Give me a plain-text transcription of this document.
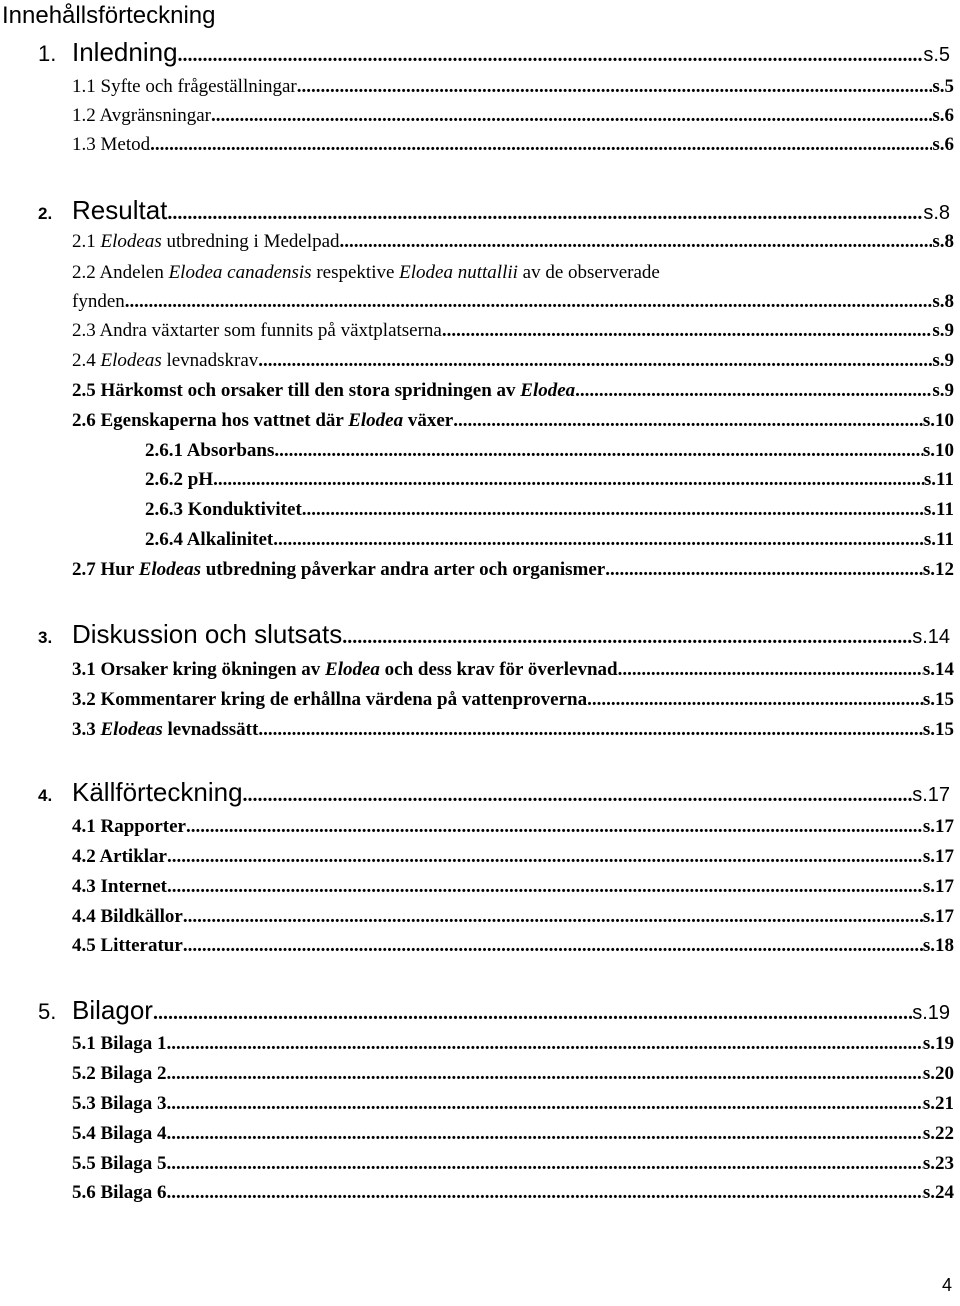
Innehållsförteckning
1. Inledning .....	s.5
1.1 Syfte och frågeställningar .....	s.5
1.2 Avgränsningar .....	s.6
1.3 Metod .....	s.6
2. Resultat .....	s.8
2.1 Elodeas utbredning i Medelpad .....	s.8
2.2 Andelen Elodea canadensis respektive Elodea nuttallii av de observerade
fynden .....	s.8
2.3 Andra växtarter som funnits på växtplatserna .....	s.9
2.4 Elodeas levnadskrav .....	s.9
2.5 Härkomst och orsaker till den stora spridningen av Elodea .....	s.9
2.6 Egenskaperna hos vattnet där Elodea växer .....	s.10
2.6.1 Absorbans .....	s.10
2.6.2 pH .....	s.11
2.6.3 Konduktivitet .....	s.11
2.6.4 Alkalinitet .....	s.11
2.7 Hur Elodeas utbredning påverkar andra arter och organismer .....	s.12
3. Diskussion och slutsats .....	s.14
3.1 Orsaker kring ökningen av Elodea och dess krav för överlevnad .....	s.14
3.2 Kommentarer kring de erhållna värdena på vattenproverna .....	s.15
3.3 Elodeas levnadssätt .....	s.15
4. Källförteckning .....	s.17
4.1 Rapporter .....	s.17
4.2 Artiklar .....	s.17
4.3 Internet .....	s.17
4.4 Bildkällor .....	s.17
4.5 Litteratur .....	s.18
5. Bilagor .....	s.19
5.1 Bilaga 1 .....	s.19
5.2 Bilaga 2 .....	s.20
5.3 Bilaga 3 .....	s.21
5.4 Bilaga 4 .....	s.22
5.5 Bilaga 5 .....	s.23
5.6 Bilaga 6 .....	s.24
4
